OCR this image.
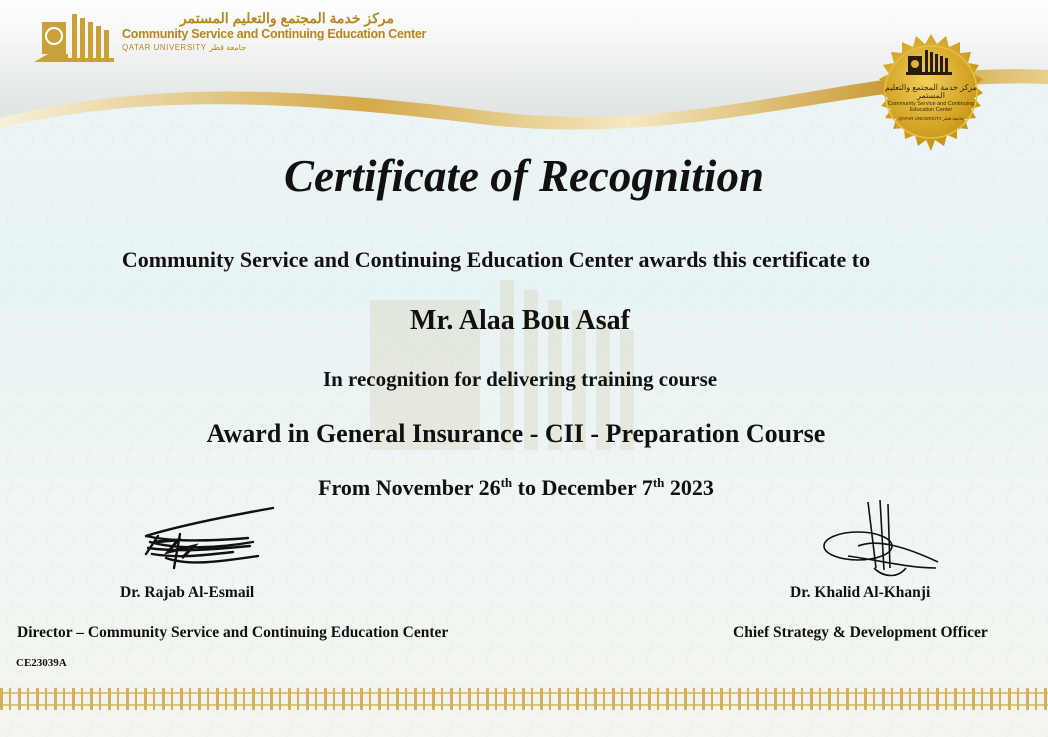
مركز خدمة المجتمع والتعليم المستمر
Community Service and Continuing Education Center
QATAR UNIVERSITY جامعة قطر
مركز خدمة المجتمع والتعليم المستمر
Community Service and Continuing Education Center
QATAR UNIVERSITY جامعة قطر
Certificate of Recognition
Community Service and Continuing Education Center awards this certificate to
Mr. Alaa Bou Asaf
In recognition for delivering training course
Award in General Insurance - CII - Preparation Course
From November 26th to December 7th 2023
Dr. Rajab Al-Esmail	Dr. Khalid Al-Khanji
Director – Community Service and Continuing Education Center	Chief Strategy & Development Officer
CE23039A
